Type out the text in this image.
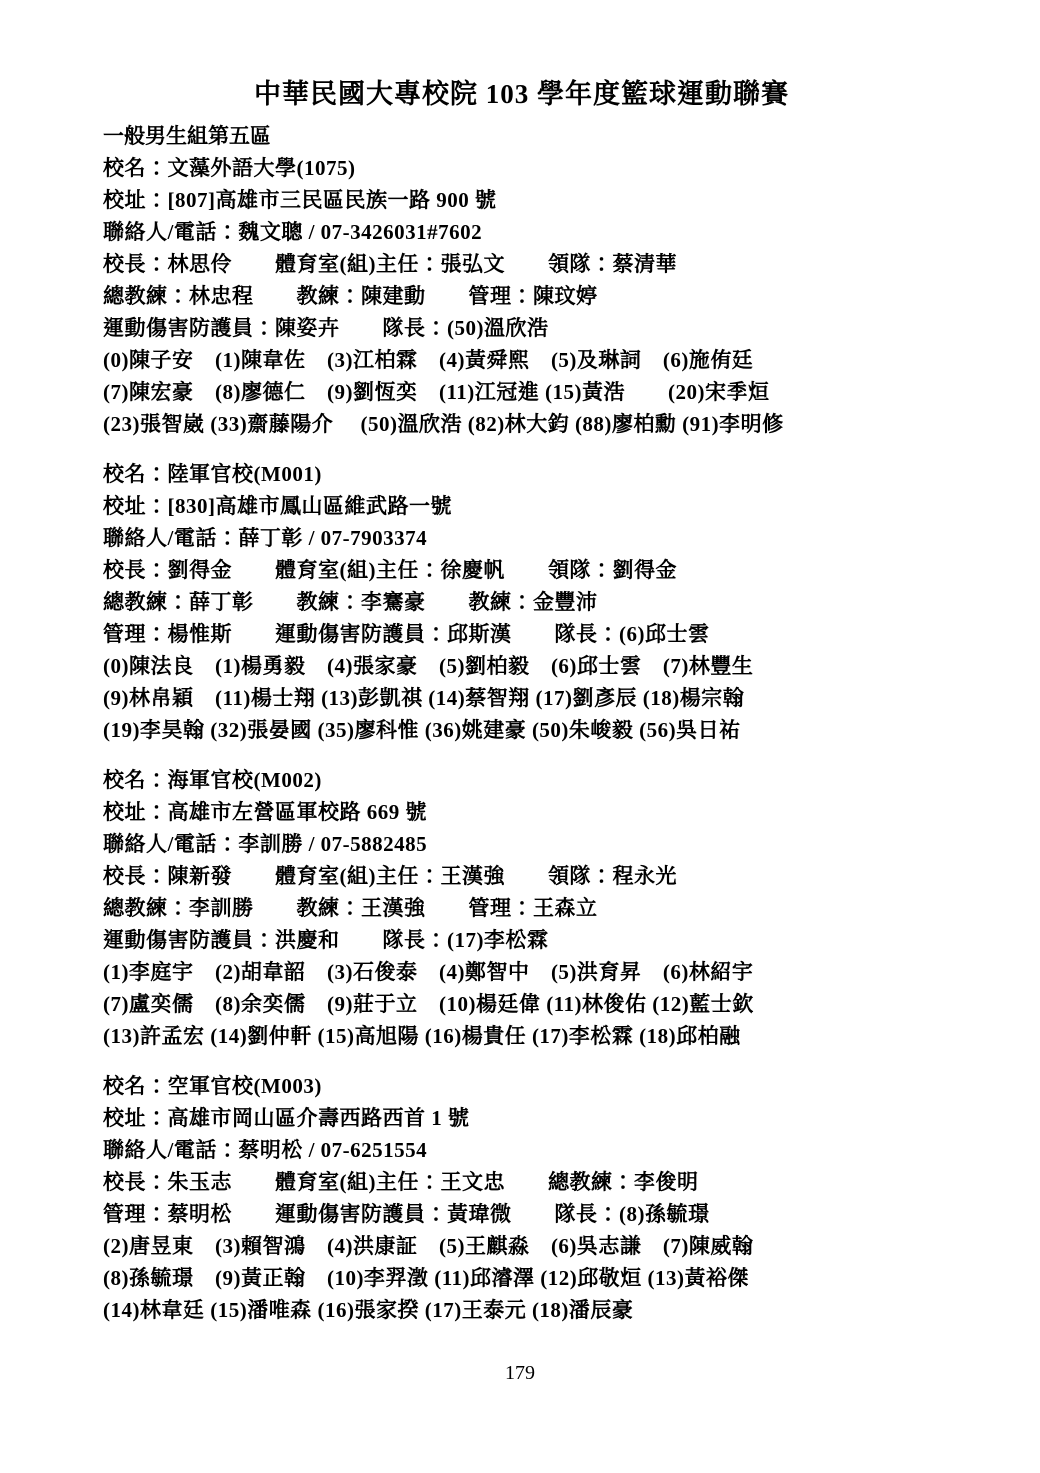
中華民國大專校院 103 學年度籃球運動聯賽
一般男生組第五區
校名：文藻外語大學(1075)
校址：[807]高雄市三民區民族一路 900 號
聯絡人/電話：魏文聰 / 07-3426031#7602
校長：林思伶　　體育室(組)主任：張弘文　　領隊：蔡清華
總教練：林忠程　　教練：陳建動　　管理：陳玟婷
運動傷害防護員：陳姿卉　　隊長：(50)溫欣浩
(0)陳子安　(1)陳韋佐　(3)江柏霖　(4)黃舜熙　(5)及琳詞　(6)施侑廷
(7)陳宏豪　(8)廖德仁　(9)劉恆奕　(11)江冠進 (15)黃浩　　(20)宋季烜
(23)張智崴 (33)齋藤陽介　 (50)溫欣浩 (82)林大鈞 (88)廖柏勳 (91)李明修
校名：陸軍官校(M001)
校址：[830]高雄市鳳山區維武路一號
聯絡人/電話：薛丁彰 / 07-7903374
校長：劉得金　　體育室(組)主任：徐慶帆　　領隊：劉得金
總教練：薛丁彰　　教練：李騫豪　　教練：金豐沛
管理：楊惟斯　　運動傷害防護員：邱斯漢　　隊長：(6)邱士雲
(0)陳法良　(1)楊勇毅　(4)張家豪　(5)劉柏毅　(6)邱士雲　(7)林豐生
(9)林帛穎　(11)楊士翔 (13)彭凱祺 (14)蔡智翔 (17)劉彥辰 (18)楊宗翰
(19)李昊翰 (32)張晏國 (35)廖科惟 (36)姚建豪 (50)朱峻毅 (56)吳日祐
校名：海軍官校(M002)
校址：高雄市左營區軍校路 669 號
聯絡人/電話：李訓勝 / 07-5882485
校長：陳新發　　體育室(組)主任：王漢強　　領隊：程永光
總教練：李訓勝　　教練：王漢強　　管理：王森立
運動傷害防護員：洪慶和　　隊長：(17)李松霖
(1)李庭宇　(2)胡韋韶　(3)石俊泰　(4)鄭智中　(5)洪育昇　(6)林紹宇
(7)盧奕儒　(8)余奕儒　(9)莊于立　(10)楊廷偉 (11)林俊佑 (12)藍士欽
(13)許孟宏 (14)劉仲軒 (15)高旭陽 (16)楊貴任 (17)李松霖 (18)邱柏融
校名：空軍官校(M003)
校址：高雄市岡山區介壽西路西首 1 號
聯絡人/電話：蔡明松 / 07-6251554
校長：朱玉志　　體育室(組)主任：王文忠　　總教練：李俊明
管理：蔡明松　　運動傷害防護員：黃瑋微　　隊長：(8)孫毓璟
(2)唐昱東　(3)賴智鴻　(4)洪康証　(5)王麒淼　(6)吳志謙　(7)陳威翰
(8)孫毓璟　(9)黃正翰　(10)李羿澂 (11)邱濬澤 (12)邱敬烜 (13)黃裕傑
(14)林韋廷 (15)潘唯森 (16)張家揆 (17)王泰元 (18)潘辰豪
179
